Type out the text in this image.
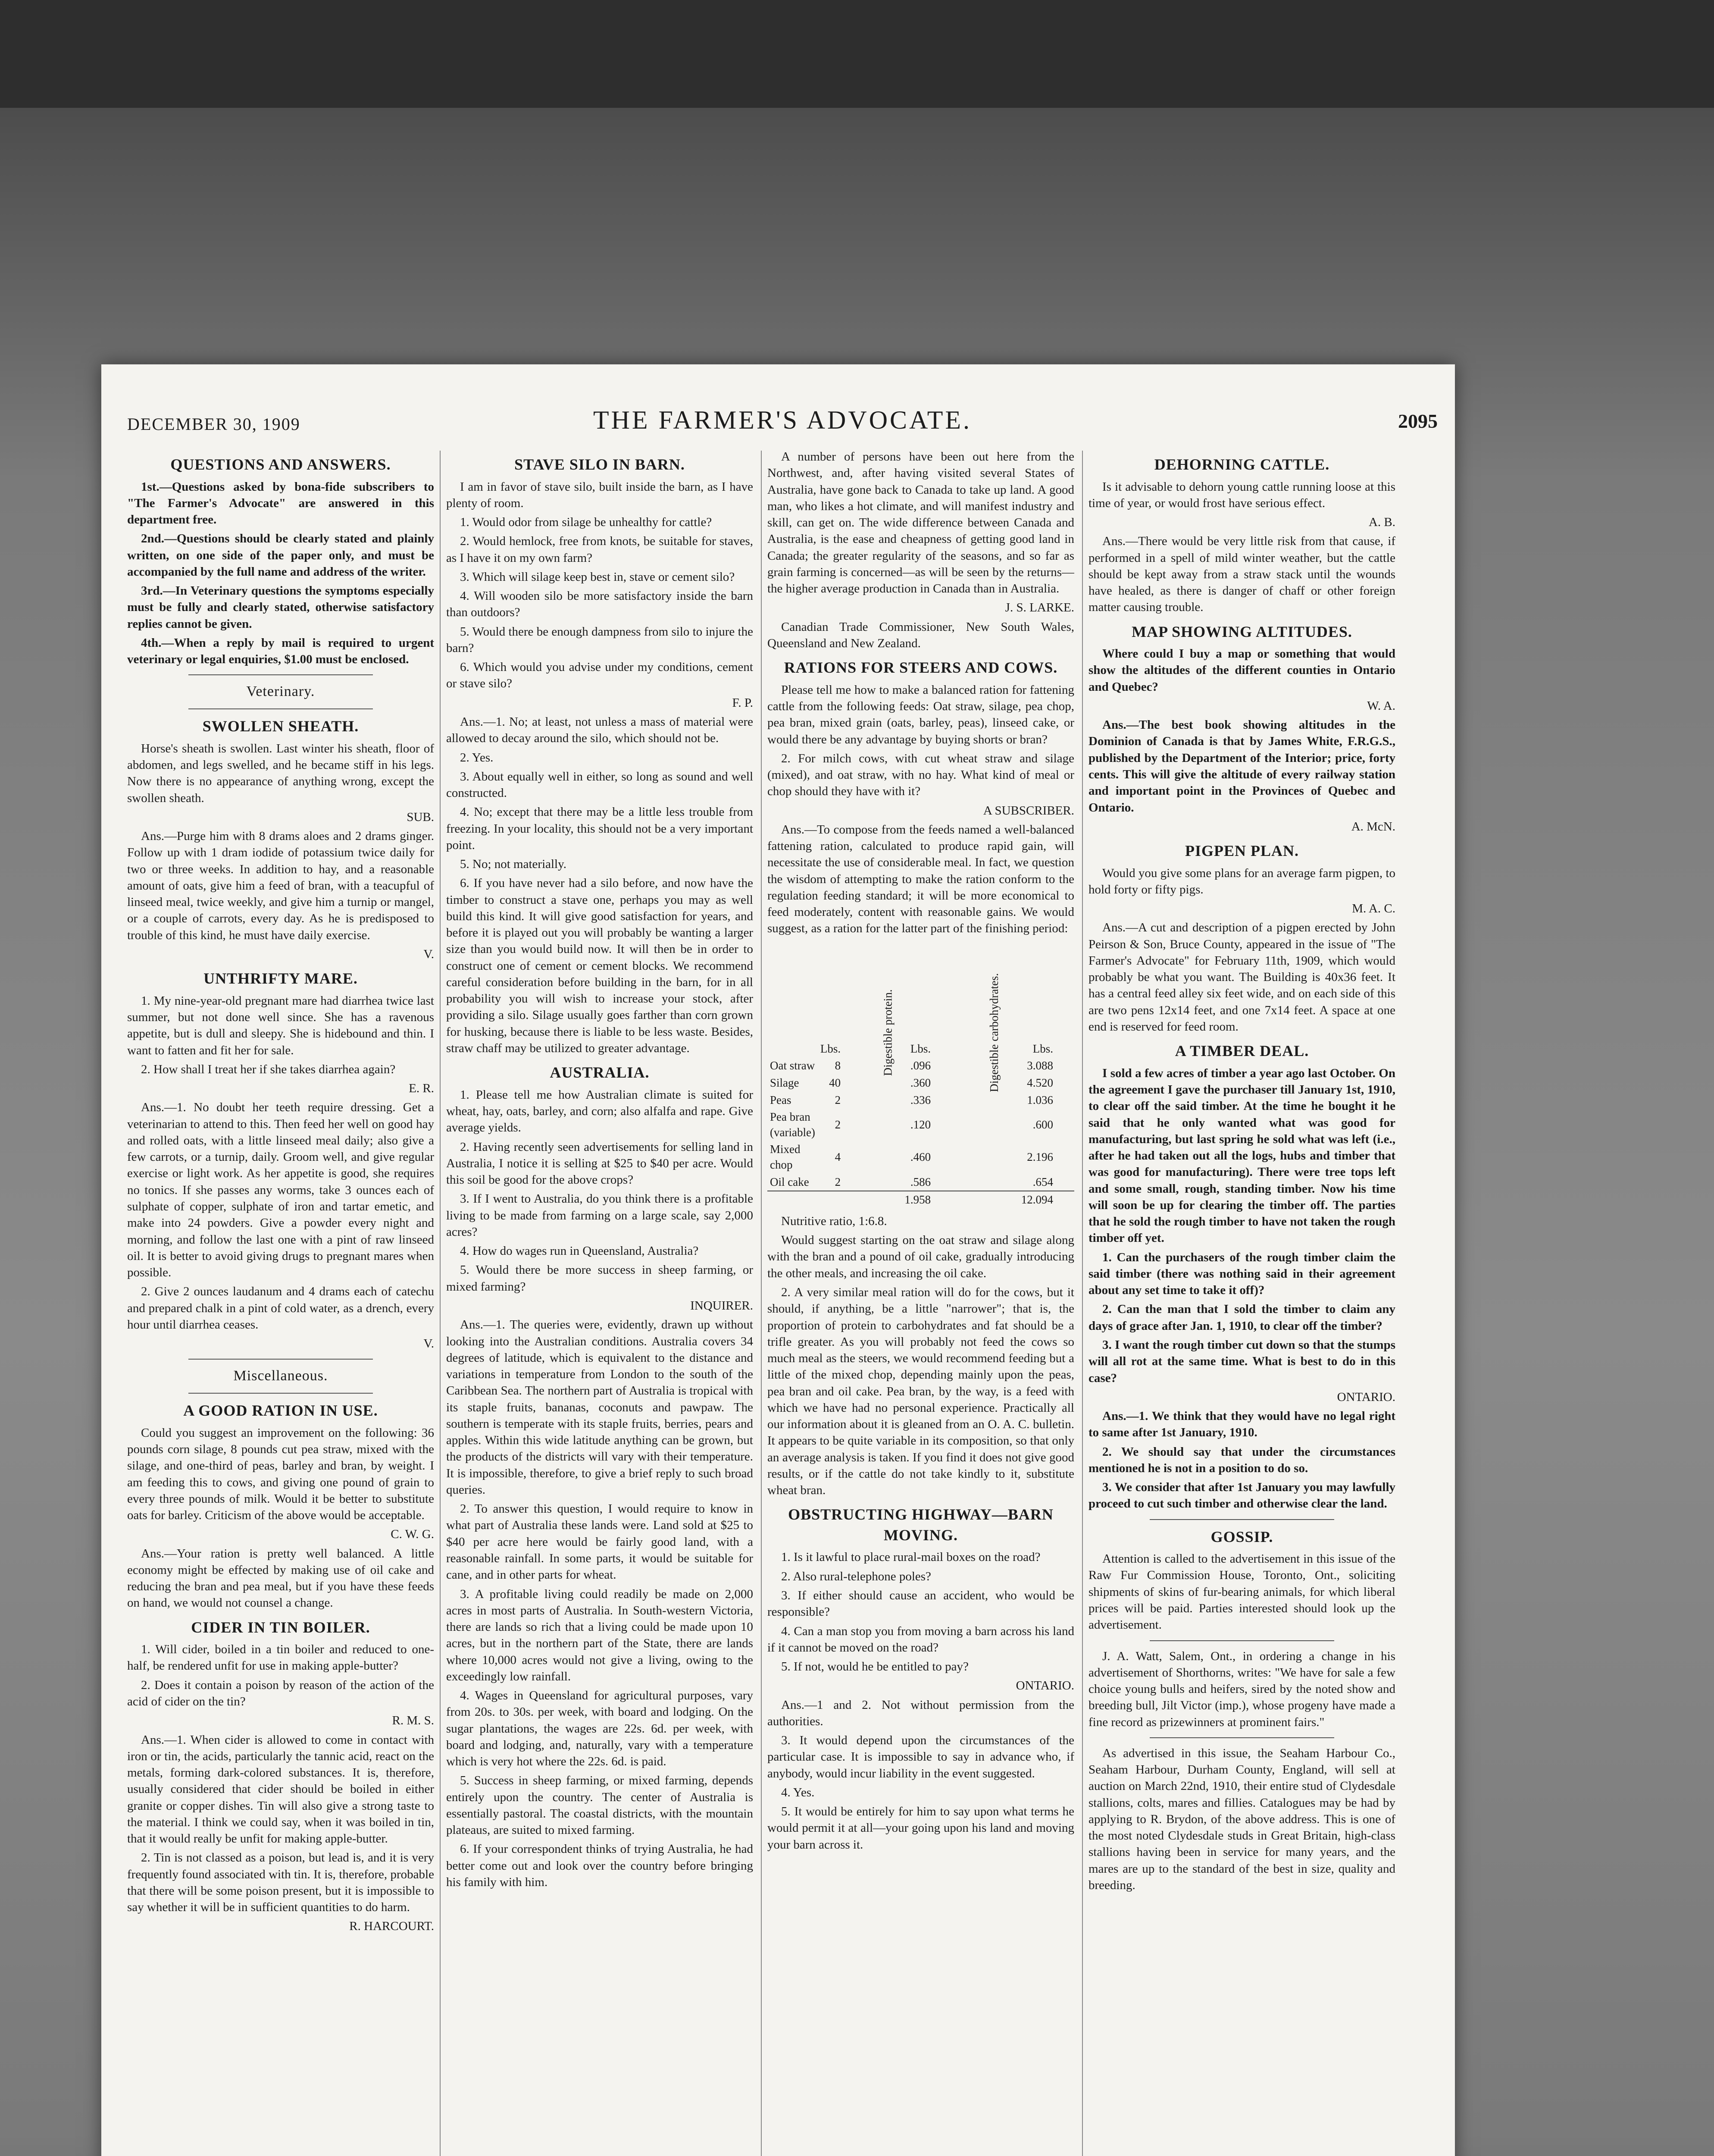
DECEMBER 30, 1909	THE FARMER'S ADVOCATE.	2095
QUESTIONS AND ANSWERS.

1st.—Questions asked by bona-fide subscribers to "The Farmer's Advocate" are answered in this department free.

2nd.—Questions should be clearly stated and plainly written, on one side of the paper only, and must be accompanied by the full name and address of the writer.

3rd.—In Veterinary questions the symptoms especially must be fully and clearly stated, otherwise satisfactory replies cannot be given.

4th.—When a reply by mail is required to urgent veterinary or legal enquiries, $1.00 must be enclosed.

Veterinary.
SWOLLEN SHEATH.

Horse's sheath is swollen. Last winter his sheath, floor of abdomen, and legs swelled, and he became stiff in his legs. Now there is no appearance of anything wrong, except the swollen sheath.

SUB.

Ans.—Purge him with 8 drams aloes and 2 drams ginger. Follow up with 1 dram iodide of potassium twice daily for two or three weeks. In addition to hay, and a reasonable amount of oats, give him a feed of bran, with a teacupful of linseed meal, twice weekly, and give him a turnip or mangel, or a couple of carrots, every day. As he is predisposed to trouble of this kind, he must have daily exercise.

V.
UNTHRIFTY MARE.

1. My nine-year-old pregnant mare had diarrhea twice last summer, but not done well since. She has a ravenous appetite, but is dull and sleepy. She is hidebound and thin. I want to fatten and fit her for sale.

2. How shall I treat her if she takes diarrhea again?

E. R.

Ans.—1. No doubt her teeth require dressing. Get a veterinarian to attend to this. Then feed her well on good hay and rolled oats, with a little linseed meal daily; also give a few carrots, or a turnip, daily. Groom well, and give regular exercise or light work. As her appetite is good, she requires no tonics. If she passes any worms, take 3 ounces each of sulphate of copper, sulphate of iron and tartar emetic, and make into 24 powders. Give a powder every night and morning, and follow the last one with a pint of raw linseed oil. It is better to avoid giving drugs to pregnant mares when possible.

2. Give 2 ounces laudanum and 4 drams each of catechu and prepared chalk in a pint of cold water, as a drench, every hour until diarrhea ceases.

V.
Miscellaneous.
A GOOD RATION IN USE.

Could you suggest an improvement on the following: 36 pounds corn silage, 8 pounds cut pea straw, mixed with the silage, and one-third of peas, barley and bran, by weight. I am feeding this to cows, and giving one pound of grain to every three pounds of milk. Would it be better to substitute oats for barley. Criticism of the above would be acceptable.

C. W. G.

Ans.—Your ration is pretty well balanced. A little economy might be effected by making use of oil cake and reducing the bran and pea meal, but if you have these feeds on hand, we would not counsel a change.

CIDER IN TIN BOILER.

1. Will cider, boiled in a tin boiler and reduced to one-half, be rendered unfit for use in making apple-butter?

2. Does it contain a poison by reason of the action of the acid of cider on the tin?

R. M. S.

Ans.—1. When cider is allowed to come in contact with iron or tin, the acids, particularly the tannic acid, react on the metals, forming dark-colored substances. It is, therefore, usually considered that cider should be boiled in either granite or copper dishes. Tin will also give a strong taste to the material. I think we could say, when it was boiled in tin, that it would really be unfit for making apple-butter.

2. Tin is not classed as a poison, but lead is, and it is very frequently found associated with tin. It is, therefore, probable that there will be some poison present, but it is impossible to say whether it will be in sufficient quantities to do harm.

R. HARCOURT.
STAVE SILO IN BARN.

I am in favor of stave silo, built inside the barn, as I have plenty of room.

1. Would odor from silage be unhealthy for cattle?

2. Would hemlock, free from knots, be suitable for staves, as I have it on my own farm?

3. Which will silage keep best in, stave or cement silo?

4. Will wooden silo be more satisfactory inside the barn than outdoors?

5. Would there be enough dampness from silo to injure the barn?

6. Which would you advise under my conditions, cement or stave silo?

F. P.

Ans.—1. No; at least, not unless a mass of material were allowed to decay around the silo, which should not be.

2. Yes.

3. About equally well in either, so long as sound and well constructed.

4. No; except that there may be a little less trouble from freezing. In your locality, this should not be a very important point.

5. No; not materially.

6. If you have never had a silo before, and now have the timber to construct a stave one, perhaps you may as well build this kind. It will give good satisfaction for years, and before it is played out you will probably be wanting a larger size than you would build now. It will then be in order to construct one of cement or cement blocks. We recommend careful consideration before building in the barn, for in all probability you will wish to increase your stock, after providing a silo. Silage usually goes farther than corn grown for husking, because there is liable to be less waste. Besides, straw chaff may be utilized to greater advantage.

AUSTRALIA.

1. Please tell me how Australian climate is suited for wheat, hay, oats, barley, and corn; also alfalfa and rape. Give average yields.

2. Having recently seen advertisements for selling land in Australia, I notice it is selling at $25 to $40 per acre. Would this soil be good for the above crops?

3. If I went to Australia, do you think there is a profitable living to be made from farming on a large scale, say 2,000 acres?

4. How do wages run in Queensland, Australia?

5. Would there be more success in sheep farming, or mixed farming?

INQUIRER.

Ans.—1. The queries were, evidently, drawn up without looking into the Australian conditions. Australia covers 34 degrees of latitude, which is equivalent to the distance and variations in temperature from London to the south of the Caribbean Sea. The northern part of Australia is tropical with its staple fruits, bananas, coconuts and pawpaw. The southern is temperate with its staple fruits, berries, pears and apples. Within this wide latitude anything can be grown, but the products of the districts will vary with their temperature. It is impossible, therefore, to give a brief reply to such broad queries.

2. To answer this question, I would require to know in what part of Australia these lands were. Land sold at $25 to $40 per acre here would be fairly good land, with a reasonable rainfall. In some parts, it would be suitable for cane, and in other parts for wheat.

3. A profitable living could readily be made on 2,000 acres in most parts of Australia. In South-western Victoria, there are lands so rich that a living could be made upon 10 acres, but in the northern part of the State, there are lands where 10,000 acres would not give a living, owing to the exceedingly low rainfall.

4. Wages in Queensland for agricultural purposes, vary from 20s. to 30s. per week, with board and lodging. On the sugar plantations, the wages are 22s. 6d. per week, with board and lodging, and, naturally, vary with a temperature which is very hot where the 22s. 6d. is paid.

5. Success in sheep farming, or mixed farming, depends entirely upon the country. The center of Australia is essentially pastoral. The coastal districts, with the mountain plateaus, are suited to mixed farming.

6. If your correspondent thinks of trying Australia, he had better come out and look over the country before bringing his family with him.

A number of persons have been out here from the Northwest, and, after having visited several States of Australia, have gone back to Canada to take up land. A good man, who likes a hot climate, and will manifest industry and skill, can get on. The wide difference between Canada and Australia, is the ease and cheapness of getting good land in Canada; the greater regularity of the seasons, and so far as grain farming is concerned—as will be seen by the returns—the higher average production in Canada than in Australia.

J. S. LARKE.

Canadian Trade Commissioner, New South Wales, Queensland and New Zealand.

RATIONS FOR STEERS AND COWS.

Please tell me how to make a balanced ration for fattening cattle from the following feeds: Oat straw, silage, pea chop, pea bran, mixed grain (oats, barley, peas), linseed cake, or would there be any advantage by buying shorts or bran?

2. For milch cows, with cut wheat straw and silage (mixed), and oat straw, with no hay. What kind of meal or chop should they have with it?

A SUBSCRIBER.

Ans.—To compose from the feeds named a well-balanced fattening ration, calculated to produce rapid gain, will necessitate the use of considerable meal. In fact, we question the wisdom of attempting to make the ration conform to the regulation feeding standard; it will be more economical to feed moderately, content with reasonable gains. We would suggest, as a ration for the latter part of the finishing period:

		Digestible protein.	Digestible carbohydrates.	
	Lbs.	Lbs.	Lbs.	
Oat straw	8	.096	3.088	
Silage	40	.360	4.520	
Peas	2	.336	1.036	
Pea bran (variable)	2	.120	.600	
Mixed chop	4	.460	2.196	
Oil cake	2	.586	.654	
		1.958	12.094	

Nutritive ratio, 1:6.8.

Would suggest starting on the oat straw and silage along with the bran and a pound of oil cake, gradually introducing the other meals, and increasing the oil cake.

2. A very similar meal ration will do for the cows, but it should, if anything, be a little "narrower"; that is, the proportion of protein to carbohydrates and fat should be a trifle greater. As you will probably not feed the cows so much meal as the steers, we would recommend feeding but a little of the mixed chop, depending mainly upon the peas, pea bran and oil cake. Pea bran, by the way, is a feed with which we have had no personal experience. Practically all our information about it is gleaned from an O. A. C. bulletin. It appears to be quite variable in its composition, so that only an average analysis is taken. If you find it does not give good results, or if the cattle do not take kindly to it, substitute wheat bran.

OBSTRUCTING HIGHWAY—BARN MOVING.

1. Is it lawful to place rural-mail boxes on the road?

2. Also rural-telephone poles?

3. If either should cause an accident, who would be responsible?

4. Can a man stop you from moving a barn across his land if it cannot be moved on the road?

5. If not, would he be entitled to pay?

ONTARIO.

Ans.—1 and 2. Not without permission from the authorities.

3. It would depend upon the circumstances of the particular case. It is impossible to say in advance who, if anybody, would incur liability in the event suggested.

4. Yes.

5. It would be entirely for him to say upon what terms he would permit it at all—your going upon his land and moving your barn across it.

DEHORNING CATTLE.

Is it advisable to dehorn young cattle running loose at this time of year, or would frost have serious effect.

A. B.

Ans.—There would be very little risk from that cause, if performed in a spell of mild winter weather, but the cattle should be kept away from a straw stack until the wounds have healed, as there is danger of chaff or other foreign matter causing trouble.

MAP SHOWING ALTITUDES.

Where could I buy a map or something that would show the altitudes of the different counties in Ontario and Quebec?

W. A.

Ans.—The best book showing altitudes in the Dominion of Canada is that by James White, F.R.G.S., published by the Department of the Interior; price, forty cents. This will give the altitude of every railway station and important point in the Provinces of Quebec and Ontario.

A. McN.
PIGPEN PLAN.

Would you give some plans for an average farm pigpen, to hold forty or fifty pigs.

M. A. C.

Ans.—A cut and description of a pigpen erected by John Peirson & Son, Bruce County, appeared in the issue of "The Farmer's Advocate" for February 11th, 1909, which would probably be what you want. The Building is 40x36 feet. It has a central feed alley six feet wide, and on each side of this are two pens 12x14 feet, and one 7x14 feet. A space at one end is reserved for feed room.

A TIMBER DEAL.

I sold a few acres of timber a year ago last October. On the agreement I gave the purchaser till January 1st, 1910, to clear off the said timber. At the time he bought it he said that he only wanted what was good for manufacturing, but last spring he sold what was left (i.e., after he had taken out all the logs, hubs and timber that was good for manufacturing). There were tree tops left and some small, rough, standing timber. Now his time will soon be up for clearing the timber off. The parties that he sold the rough timber to have not taken the rough timber off yet.

1. Can the purchasers of the rough timber claim the said timber (there was nothing said in their agreement about any set time to take it off)?

2. Can the man that I sold the timber to claim any days of grace after Jan. 1, 1910, to clear off the timber?

3. I want the rough timber cut down so that the stumps will all rot at the same time. What is best to do in this case?

ONTARIO.

Ans.—1. We think that they would have no legal right to same after 1st January, 1910.

2. We should say that under the circumstances mentioned he is not in a position to do so.

3. We consider that after 1st January you may lawfully proceed to cut such timber and otherwise clear the land.

GOSSIP.

Attention is called to the advertisement in this issue of the Raw Fur Commission House, Toronto, Ont., soliciting shipments of skins of fur-bearing animals, for which liberal prices will be paid. Parties interested should look up the advertisement.

J. A. Watt, Salem, Ont., in ordering a change in his advertisement of Shorthorns, writes: "We have for sale a few choice young bulls and heifers, sired by the noted show and breeding bull, Jilt Victor (imp.), whose progeny have made a fine record as prizewinners at prominent fairs."

As advertised in this issue, the Seaham Harbour Co., Seaham Harbour, Durham County, England, will sell at auction on March 22nd, 1910, their entire stud of Clydesdale stallions, colts, mares and fillies. Catalogues may be had by applying to R. Brydon, of the above address. This is one of the most noted Clydesdale studs in Great Britain, high-class stallions having been in service for many years, and the mares are up to the standard of the best in size, quality and breeding.
